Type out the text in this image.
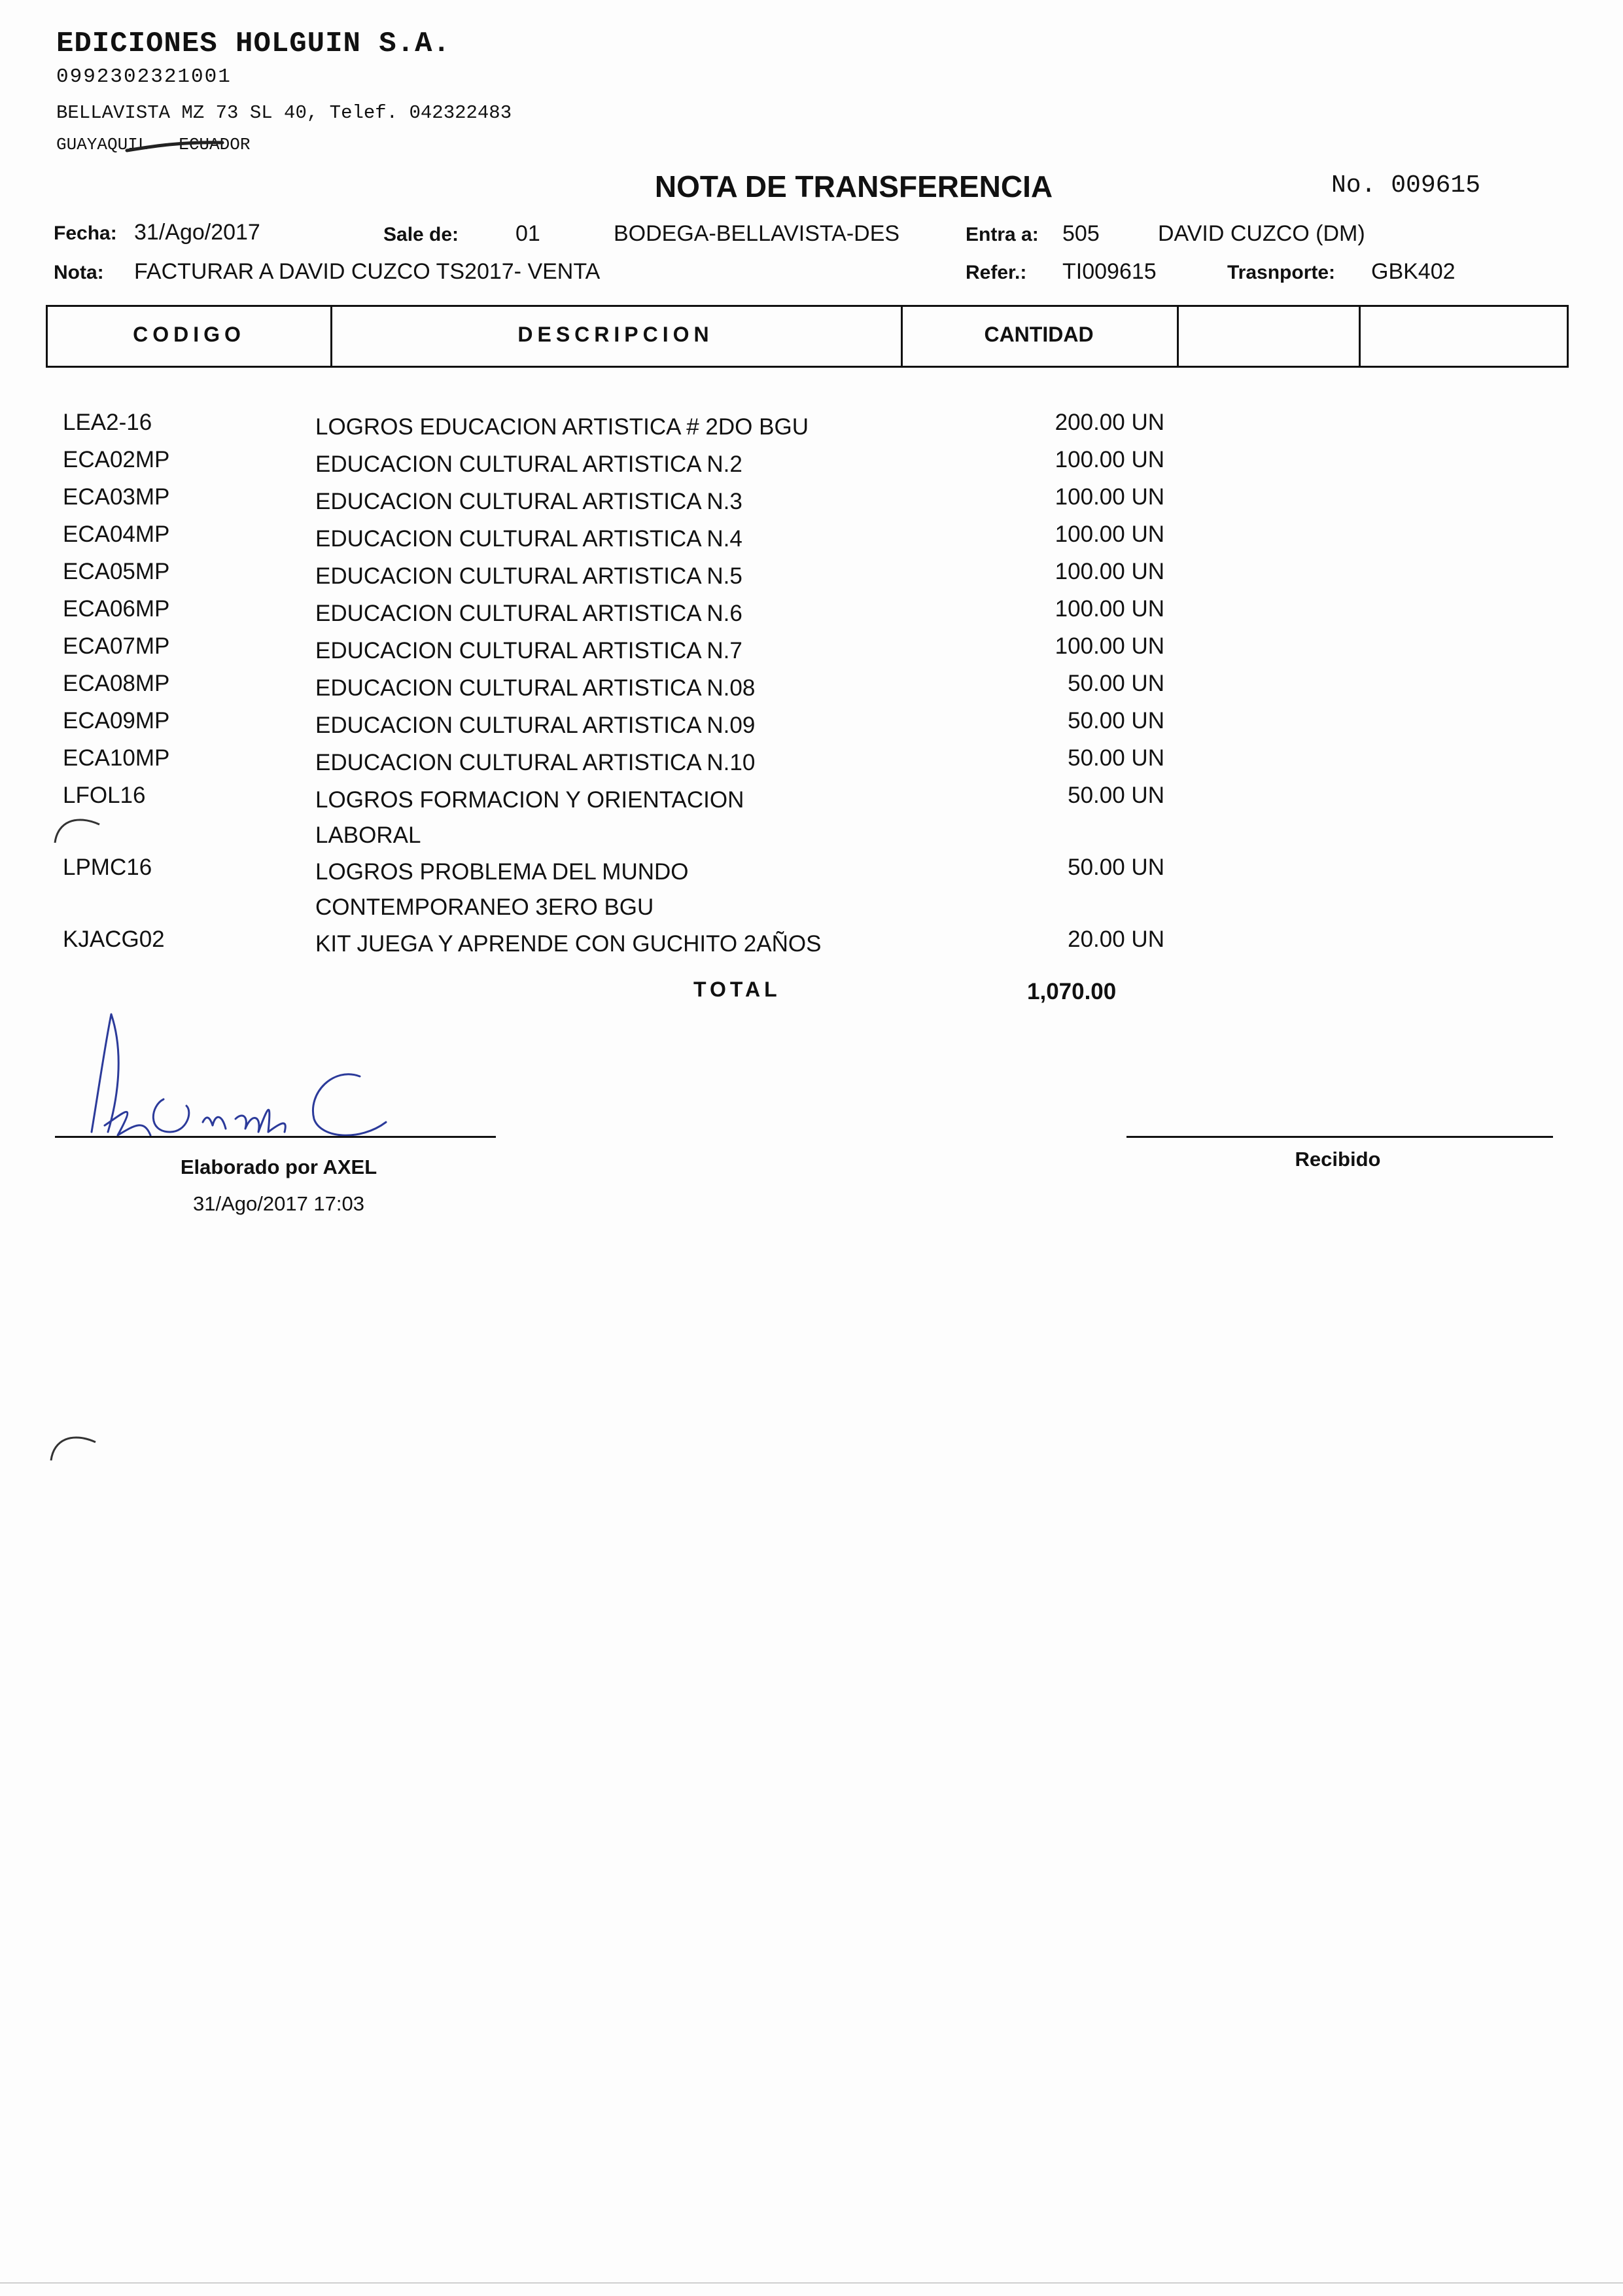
EDICIONES HOLGUIN S.A.
0992302321001
BELLAVISTA MZ 73 SL 40, Telef. 042322483
GUAYAQUIL - ECUADOR
NOTA DE TRANSFERENCIA	No. 009615
Fecha: 31/Ago/2017	Sale de:	01	BODEGA-BELLAVISTA-DES	Entra a: 505	DAVID CUZCO (DM)
Nota: FACTURAR A DAVID CUZCO TS2017- VENTA	Refer.: TI009615	Trasnporte: GBK402
CODIGO	DESCRIPCION	CANTIDAD
LEA2-16	LOGROS EDUCACION ARTISTICA # 2DO BGU	200.00 UN
ECA02MP	EDUCACION CULTURAL ARTISTICA N.2	100.00 UN
ECA03MP	EDUCACION CULTURAL ARTISTICA N.3	100.00 UN
ECA04MP	EDUCACION CULTURAL ARTISTICA N.4	100.00 UN
ECA05MP	EDUCACION CULTURAL ARTISTICA N.5	100.00 UN
ECA06MP	EDUCACION CULTURAL ARTISTICA N.6	100.00 UN
ECA07MP	EDUCACION CULTURAL ARTISTICA N.7	100.00 UN
ECA08MP	EDUCACION CULTURAL ARTISTICA N.08	50.00 UN
ECA09MP	EDUCACION CULTURAL ARTISTICA N.09	50.00 UN
ECA10MP	EDUCACION CULTURAL ARTISTICA N.10	50.00 UN
LFOL16	LOGROS FORMACION Y ORIENTACION	50.00 UN
LABORAL
LPMC16	LOGROS PROBLEMA DEL MUNDO	50.00 UN
CONTEMPORANEO 3ERO BGU
KJACG02	KIT JUEGA Y APRENDE CON GUCHITO 2AÑOS	20.00 UN
TOTAL	1,070.00
Elaborado por AXEL
31/Ago/2017 17:03
Recibido
